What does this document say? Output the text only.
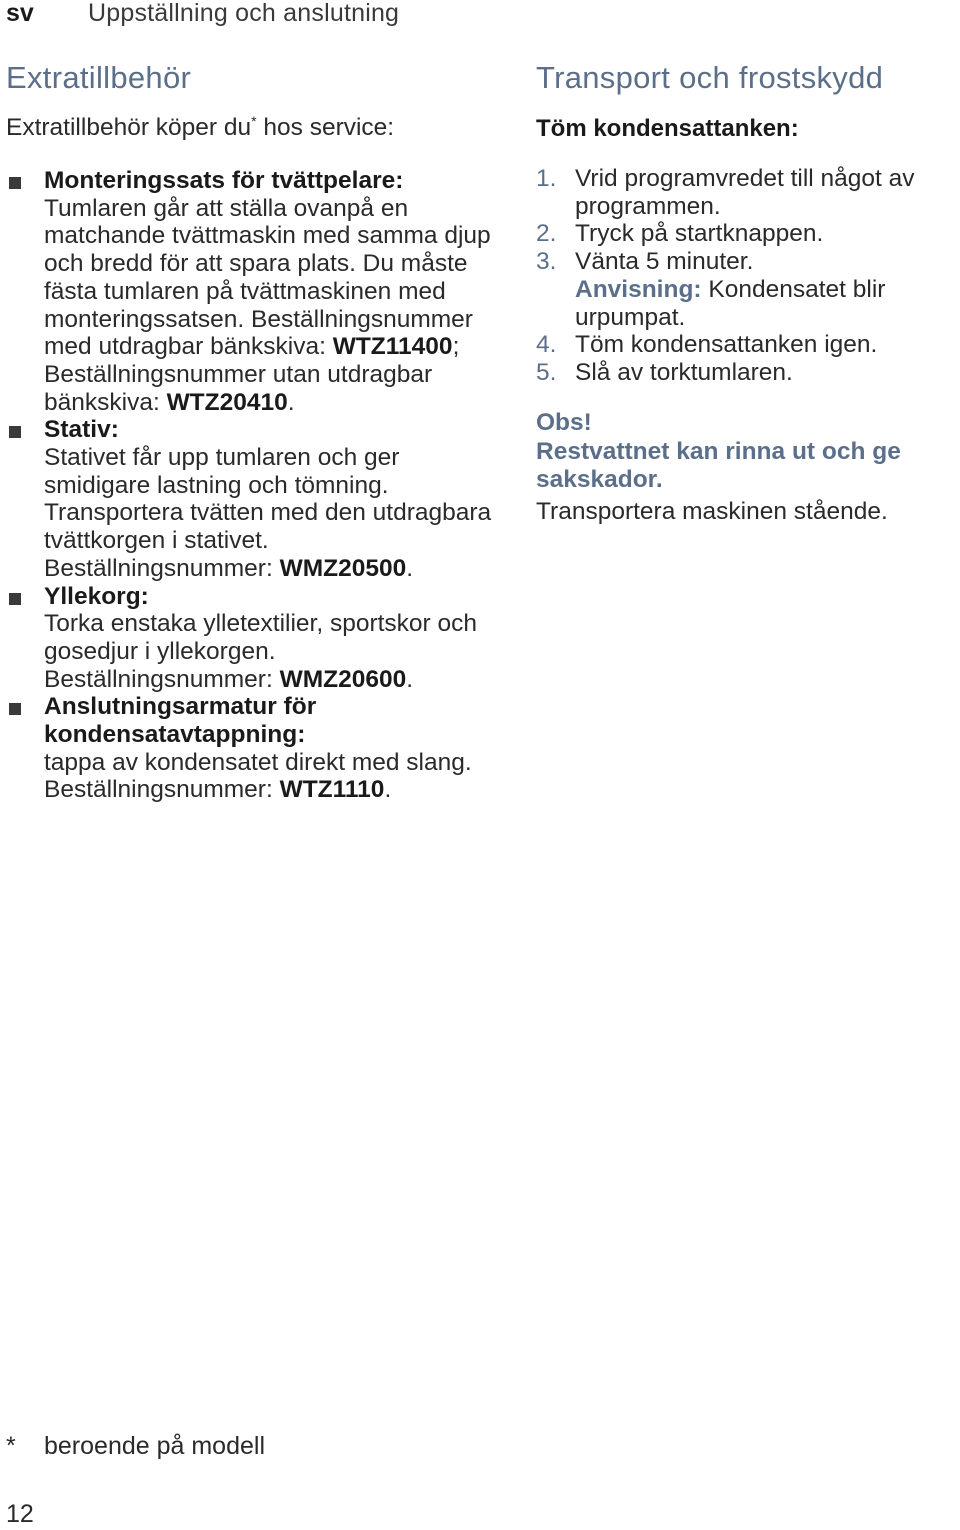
sv Uppställning och anslutning
Extratillbehör
Extratillbehör köper du* hos service:
Monteringssats för tvättpelare:
Tumlaren går att ställa ovanpå en matchande tvättmaskin med samma djup och bredd för att spara plats. Du måste fästa tumlaren på tvättmaskinen med monteringssatsen. Beställningsnummer med utdragbar bänkskiva: WTZ11400; Beställningsnummer utan utdragbar bänkskiva: WTZ20410.
Stativ:
Stativet får upp tumlaren och ger smidigare lastning och tömning. Transportera tvätten med den utdragbara tvättkorgen i stativet. Beställningsnummer: WMZ20500.
Yllekorg:
Torka enstaka ylletextilier, sportskor och gosedjur i yllekorgen. Beställningsnummer: WMZ20600.
Anslutningsarmatur för kondensatavtappning:
tappa av kondensatet direkt med slang. Beställningsnummer: WTZ1110.
Transport och frostskydd
Töm kondensattanken:
1. Vrid programvredet till något av programmen.
2. Tryck på startknappen.
3. Vänta 5 minuter.
Anvisning: Kondensatet blir urpumpat.
4. Töm kondensattanken igen.
5. Slå av torktumlaren.
Obs!
Restvattnet kan rinna ut och ge sakskador.
Transportera maskinen stående.
* beroende på modell
12
